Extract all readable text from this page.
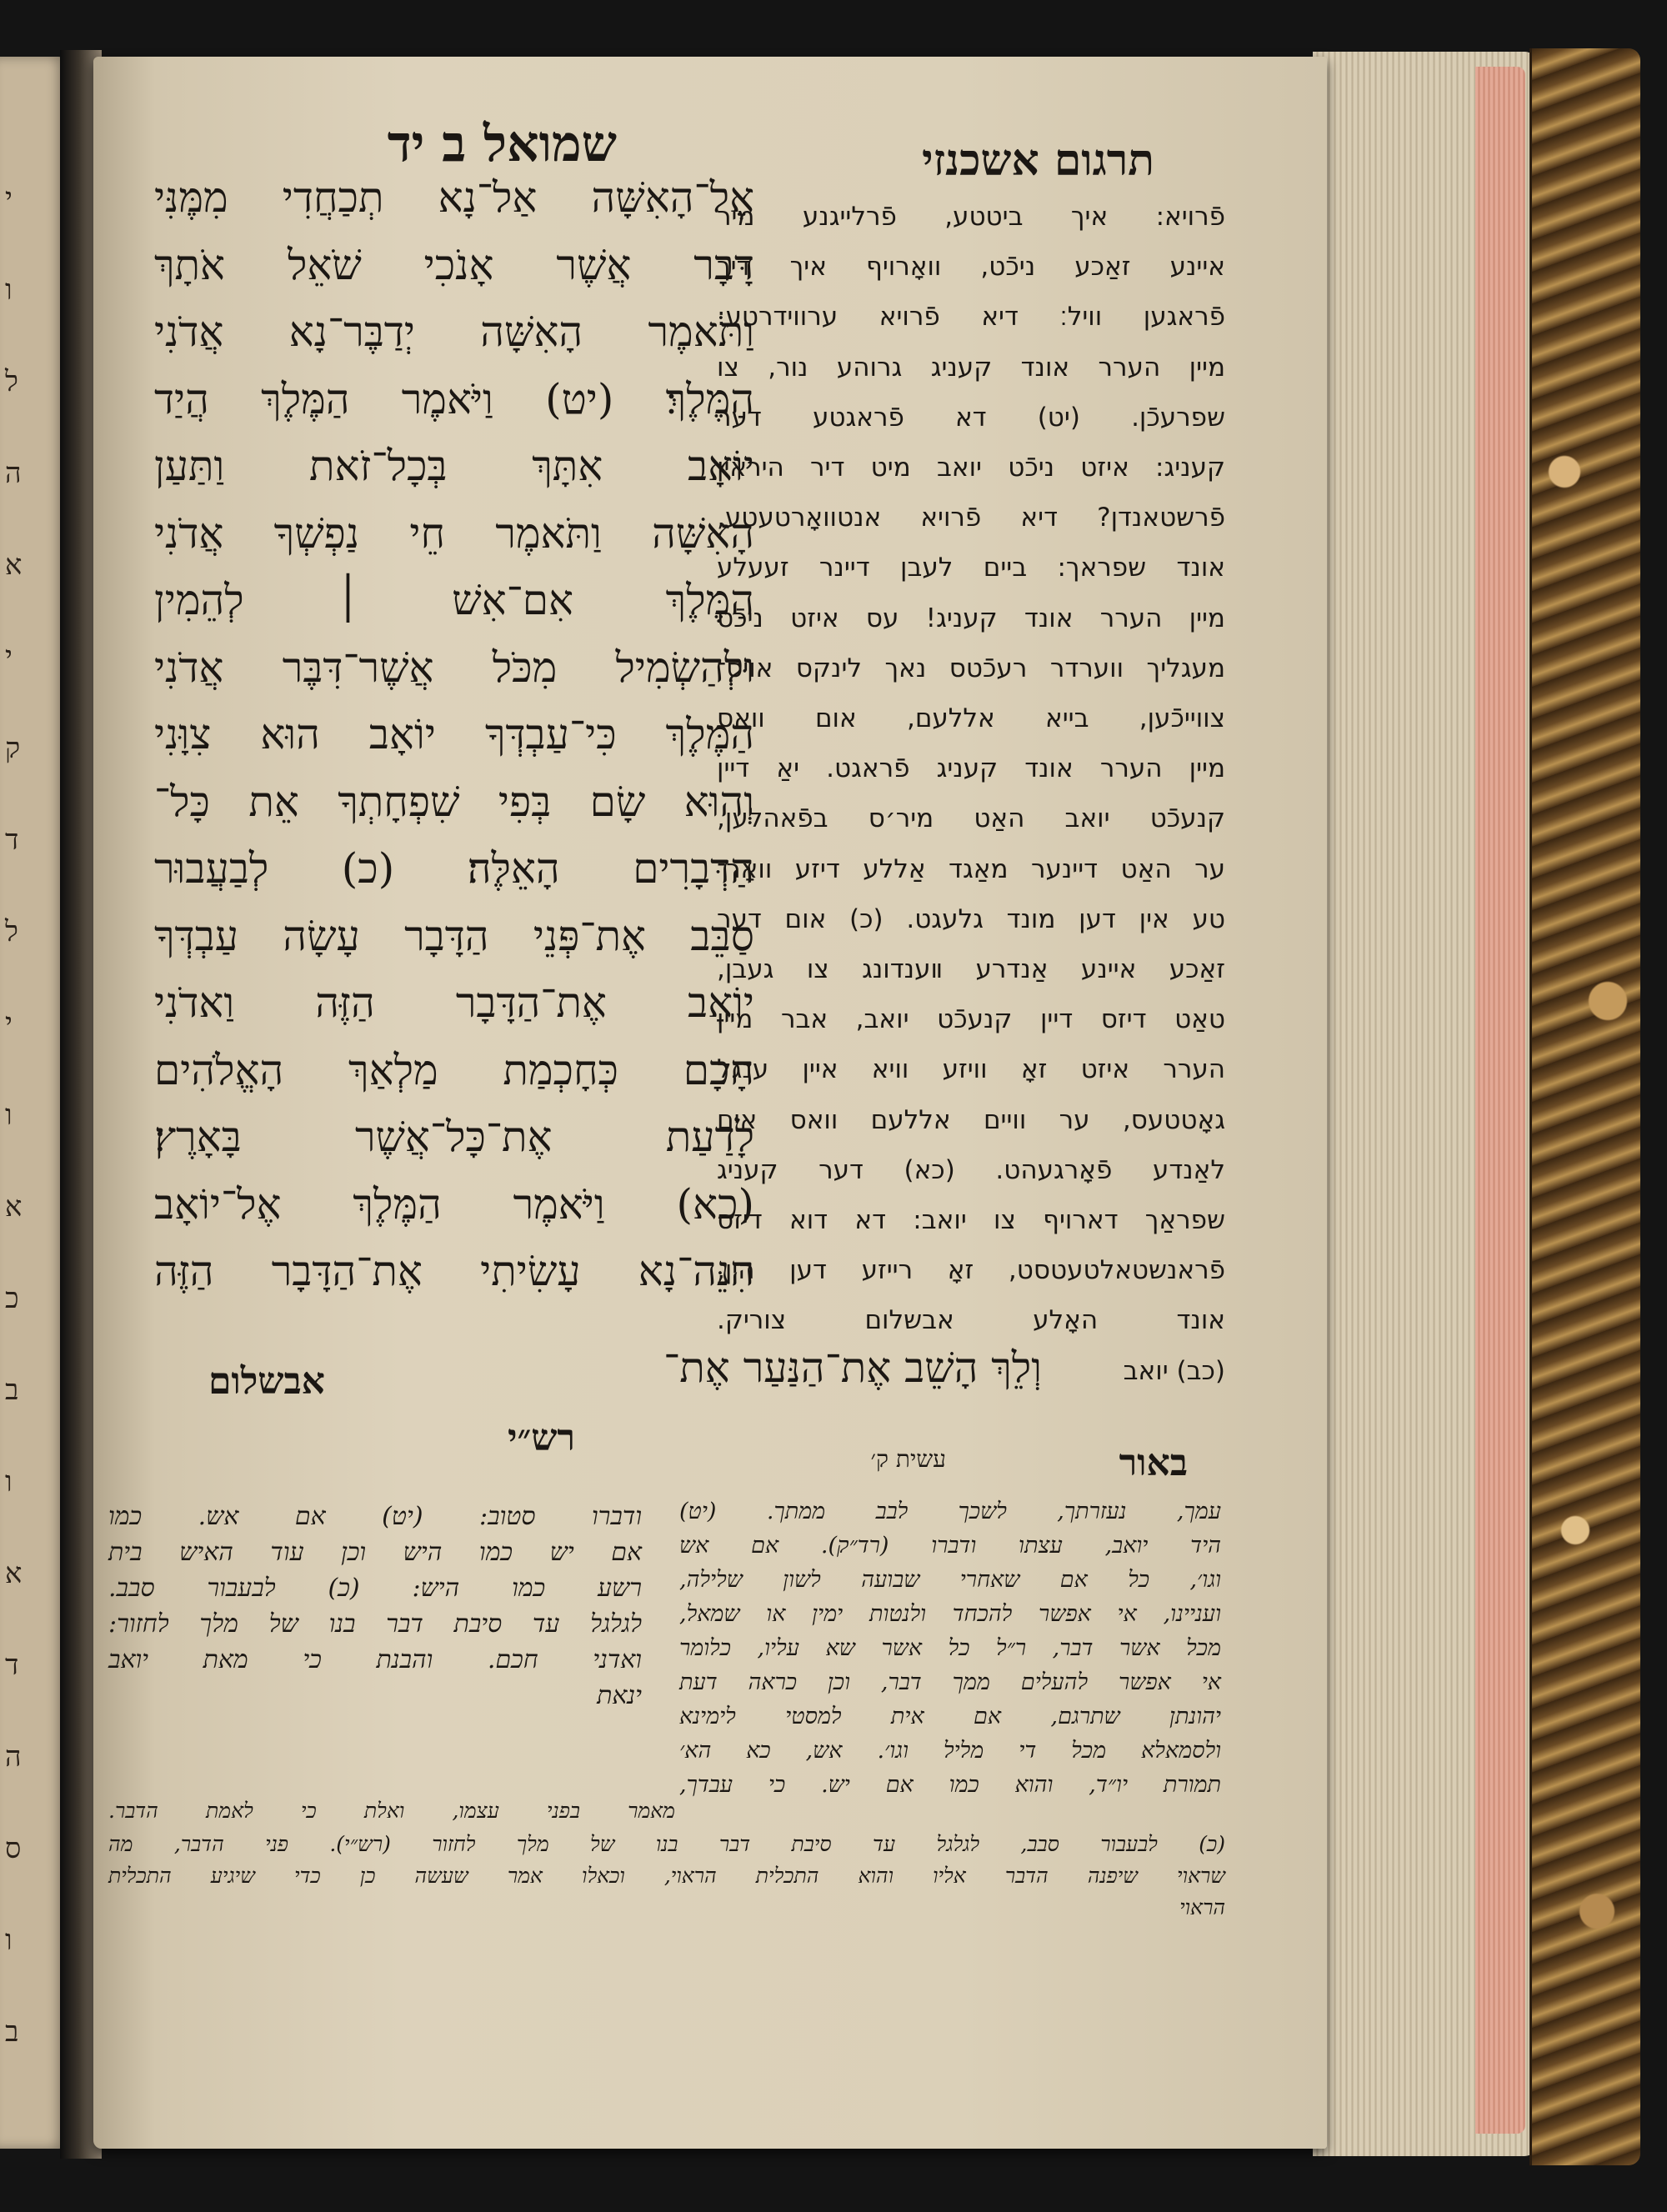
י
ו
ל
ה
א
י
ק
ד
ל
י
ו
א
כ
ב
ו
א
ד
ה
ס
ו
ב
תרגום אשכנזי
שמואל ב יד
אֶל־הָאִשָּׁה אַל־נָא תְכַחֲדִי מִמֶּנִּי
דָּבָר אֲשֶׁר אָנֹכִי שֹׁאֵל אֹתָךְ
וַתֹּאמֶר הָאִשָּׁה יְדַבֶּר־נָא אֲדֹנִי
הַמֶּלֶךְ׃ (יט) וַיֹּאמֶר הַמֶּלֶךְ הֲיַד
יוֹאָב אִתָּךְ בְּכָל־זֹאת וַתַּעַן
הָאִשָּׁה וַתֹּאמֶר חֵי נַפְשְׁךָ אֲדֹנִי
הַמֶּלֶךְ אִם־אִשׁ ׀ לְהֵמִין
וּלְהַשְׂמִיל מִכֹּל אֲשֶׁר־דִּבֶּר אֲדֹנִי
הַמֶּלֶךְ כִּי־עַבְדְּךָ יוֹאָב הוּא צִוָּנִי
וְהוּא שָׂם בְּפִי שִׁפְחָתְךָ אֵת כָּל־
הַדְּבָרִים הָאֵלֶּה׃ (כ) לְבַעֲבוּר
סַבֵּב אֶת־פְּנֵי הַדָּבָר עָשָׂה עַבְדְּךָ
יוֹאָב אֶת־הַדָּבָר הַזֶּה וַאדֹנִי
חָכָם כְּחָכְמַת מַלְאַךְ הָאֱלֹהִים
לָדַעַת אֶת־כָּל־אֲשֶׁר בָּאָרֶץ׃
(כא) וַיֹּאמֶר הַמֶּלֶךְ אֶל־יוֹאָב
הִנֵּה־נָא עָשִׂיתִי אֶת־הַדָּבָר הַזֶּה
פֿרויא: איך ביטטע, פֿרלייגנע מיר
איינע זאַכע ניכֿט, וואָרויף איך דיך
פֿראגען וויל׃ דיא פֿרויא ערווידרטע:
מיין הערר אונד קעניג גרוהע נור, צו
שפרעכֿן. (יט) דא פֿראגטע דער
קעניג: איזט ניכֿט יואב מיט דיר היראין
פֿרשטאנדן? דיא פֿרויא אנטוואָרטעטע,
אונד שפראך: ביים לעבן דיינר זעעלע
מיין הערר אונד קעניג! עס איזט ניכֿט
מעגליך ווערדר רעכֿטס נאך לינקס אויס־
צווייכֿען, בייא אללעם, אום וואס
מיין הערר אונד קעניג פֿראגט. יאַ דיין
קנעכֿט יואב האַט מיר׳ס בפֿאהלען,
ער האַט דיינער מאַגד אַללע דיזע וואָר־
טע אין דען מונד גלעגט. (כ) אום דער
זאַכע איינע אַנדרע װענדונג צו געבן,
טאַט דיזס דיין קנעכֿט יואב, אבר מיין
הערר איזט זאָ וויזע וויא איין ענגל
גאָטטעס, ער וויים אללעם וואס אים
לאַנדע פֿאָרגעהט. (כא) דער קעניג
שפראַך דארויף צו יואב: דא דוא דיזס
פֿראנשטאלטעטסט, זאָ רייזע דען הין,
אונד האָלע אבשלום צוריק.
(כב) יואב
וְלֵךְ הָשֵׁב אֶת־הַנַּעַר אֶת־
אבשלום
באור
עשית ק׳
עמך, נעזרתך, לשכך לבב ממתך. (יט)
היד יואב, עצתו ודברו (רד״ק). אם אש
וגו׳, כל אם שאחרי שבועה לשון שלילה,
ועניינו, אי אפשר להכחד ולנטות ימין או שמאל,
מכל אשר דבר, ר״ל כל אשר שא עליו, כלומר
אי אפשר להעלים ממך דבר, וכן כראה דעת
יהונתן שתרגם, אם אית למסטי לימינא
ולסמאלא מכל די מליל וגו׳. אש, כא הא׳
תמורת יו״ד, והוא כמו אם יש. כי עבדך,
רש״י
ודברו סטוב: (יט) אם אש. כמו
אם יש כמו היש וכן עוד האיש בית
רשע כמו היש: (כ) לבעבור סבב.
לגלגל עד סיבת דבר בנו של מלך לחזור:
ואדני חכם. והבנת כי מאת יואב
ינאת
(כ) לבעבור סבב, לגלגל עד סיבת דבר בנו של מלך לחזור (רש״י). פני הדבר, מה
שראוי שיפנה הדבר אליו והוא התכלית הראוי, וכאלו אמר שעשה כן כדי שיגיע התכלית
הראוי
מאמר בפני עצמו, ואלת כי לאמת הדבר.
